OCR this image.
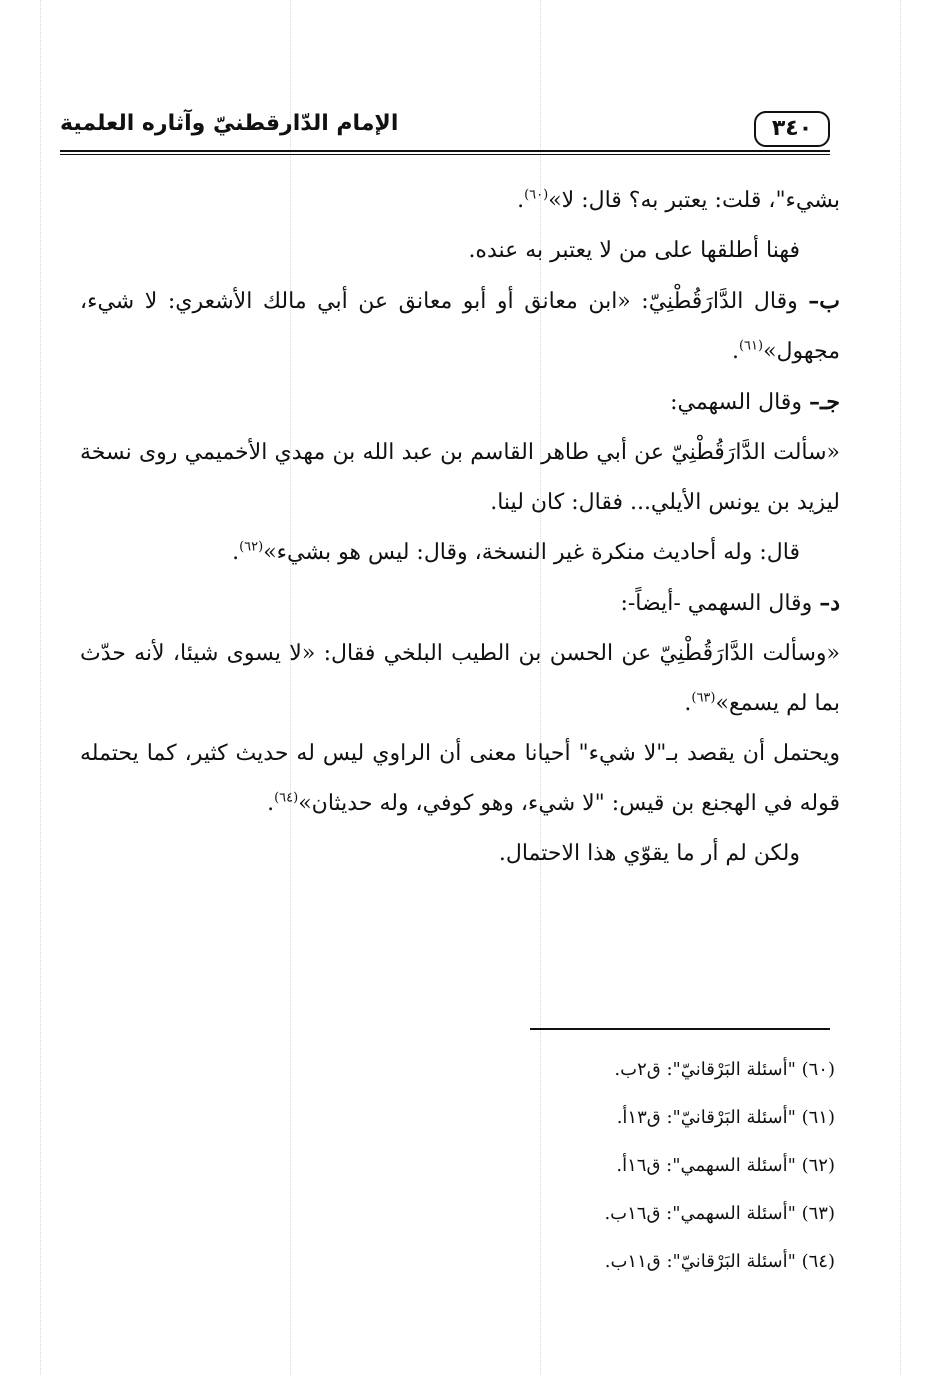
٣٤٠
الإمام الدّارقطنيّ وآثاره العلمية

بشيء"، قلت: يعتبر به؟ قال: لا»$^{(٦٠)}$.

فهنا أطلقها على من لا يعتبر به عنده.

ب– وقال الدَّارَقُطْنِيّ: «ابن معانق أو أبو معانق عن أبي مالك الأشعري: لا شيء، مجهول»$^{(٦١)}$.

جـ– وقال السهمي:

«سألت الدَّارَقُطْنِيّ عن أبي طاهر القاسم بن عبد الله بن مهدي الأخميمي روى نسخة ليزيد بن يونس الأيلي... فقال: كان لينا.

قال: وله أحاديث منكرة غير النسخة، وقال: ليس هو بشيء»$^{(٦٢)}$.

د– وقال السهمي -أيضاً-:

«وسألت الدَّارَقُطْنِيّ عن الحسن بن الطيب البلخي فقال: «لا يسوى شيئا، لأنه حدّث بما لم يسمع»$^{(٦٣)}$.

ويحتمل أن يقصد بـ"لا شيء" أحيانا معنى أن الراوي ليس له حديث كثير، كما يحتمله قوله في الهجنع بن قيس: "لا شيء، وهو كوفي، وله حديثان»$^{(٦٤)}$.

ولكن لم أر ما يقوّي هذا الاحتمال.

(٦٠) "أسئلة البَرْقانيّ": ق٢ب.

(٦١) "أسئلة البَرْقانيّ": ق١٣أ.

(٦٢) "أسئلة السهمي": ق١٦أ.

(٦٣) "أسئلة السهمي": ق١٦ب.

(٦٤) "أسئلة البَرْقانيّ": ق١١ب.
